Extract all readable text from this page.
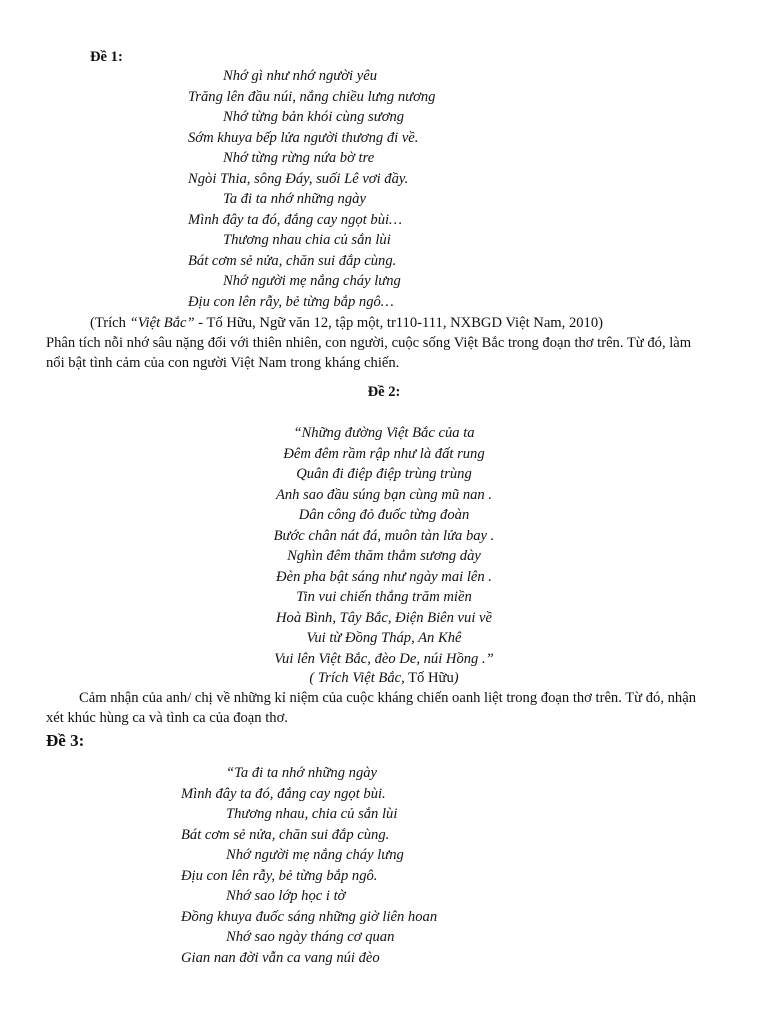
Đề 1:
Nhớ gì như nhớ người yêu
Trăng lên đầu núi, nắng chiều lưng nương
Nhớ từng bản khói cùng sương
Sớm khuya bếp lửa người thương đi về.
Nhớ từng rừng nứa bờ tre
Ngòi Thia, sông Đáy, suối Lê vơi đầy.
Ta đi ta nhớ những ngày
Mình đây ta đó, đắng cay ngọt bùi…
Thương nhau chia củ sắn lùi
Bát cơm sẻ nửa, chăn sui đắp cùng.
Nhớ người mẹ nắng cháy lưng
Địu con lên rẫy, bẻ từng bắp ngô…
(Trích “Việt Bắc” - Tố Hữu, Ngữ văn 12, tập một, tr110-111, NXBGD Việt Nam, 2010)
Phân tích nỗi nhớ sâu nặng đối với thiên nhiên, con người, cuộc sống Việt Bắc trong đoạn thơ trên. Từ đó, làm
nổi bật tình cảm của con người Việt Nam trong kháng chiến.
Đề 2:
“Những đường Việt Bắc của ta
Đêm đêm rầm rập như là đất rung
Quân đi điệp điệp trùng trùng
Anh sao đầu súng bạn cùng mũ nan .
Dân công đỏ đuốc từng đoàn
Bước chân nát đá, muôn tàn lửa bay .
Nghìn đêm thăm thẳm sương dày
Đèn pha bật sáng như ngày mai lên .
Tin vui chiến thắng trăm miền
Hoà Bình, Tây Bắc, Điện Biên vui về
Vui từ Đồng Tháp, An Khê
Vui lên Việt Bắc, đèo De, núi Hồng .”
( Trích Việt Bắc, Tố Hữu)
Cảm nhận của anh/ chị về những kỉ niệm của cuộc kháng chiến oanh liệt trong đoạn thơ trên. Từ đó, nhận
xét khúc hùng ca và tình ca của đoạn thơ.
Đề 3:
“Ta đi ta nhớ những ngày
Mình đây ta đó, đắng cay ngọt bùi.
Thương nhau, chia củ sắn lùi
Bát cơm sẻ nửa, chăn sui đắp cùng.
Nhớ người mẹ nắng cháy lưng
Địu con lên rẫy, bẻ từng bắp ngô.
Nhớ sao lớp học i tờ
Đồng khuya đuốc sáng những giờ liên hoan
Nhớ sao ngày tháng cơ quan
Gian nan đời vẫn ca vang núi đèo
